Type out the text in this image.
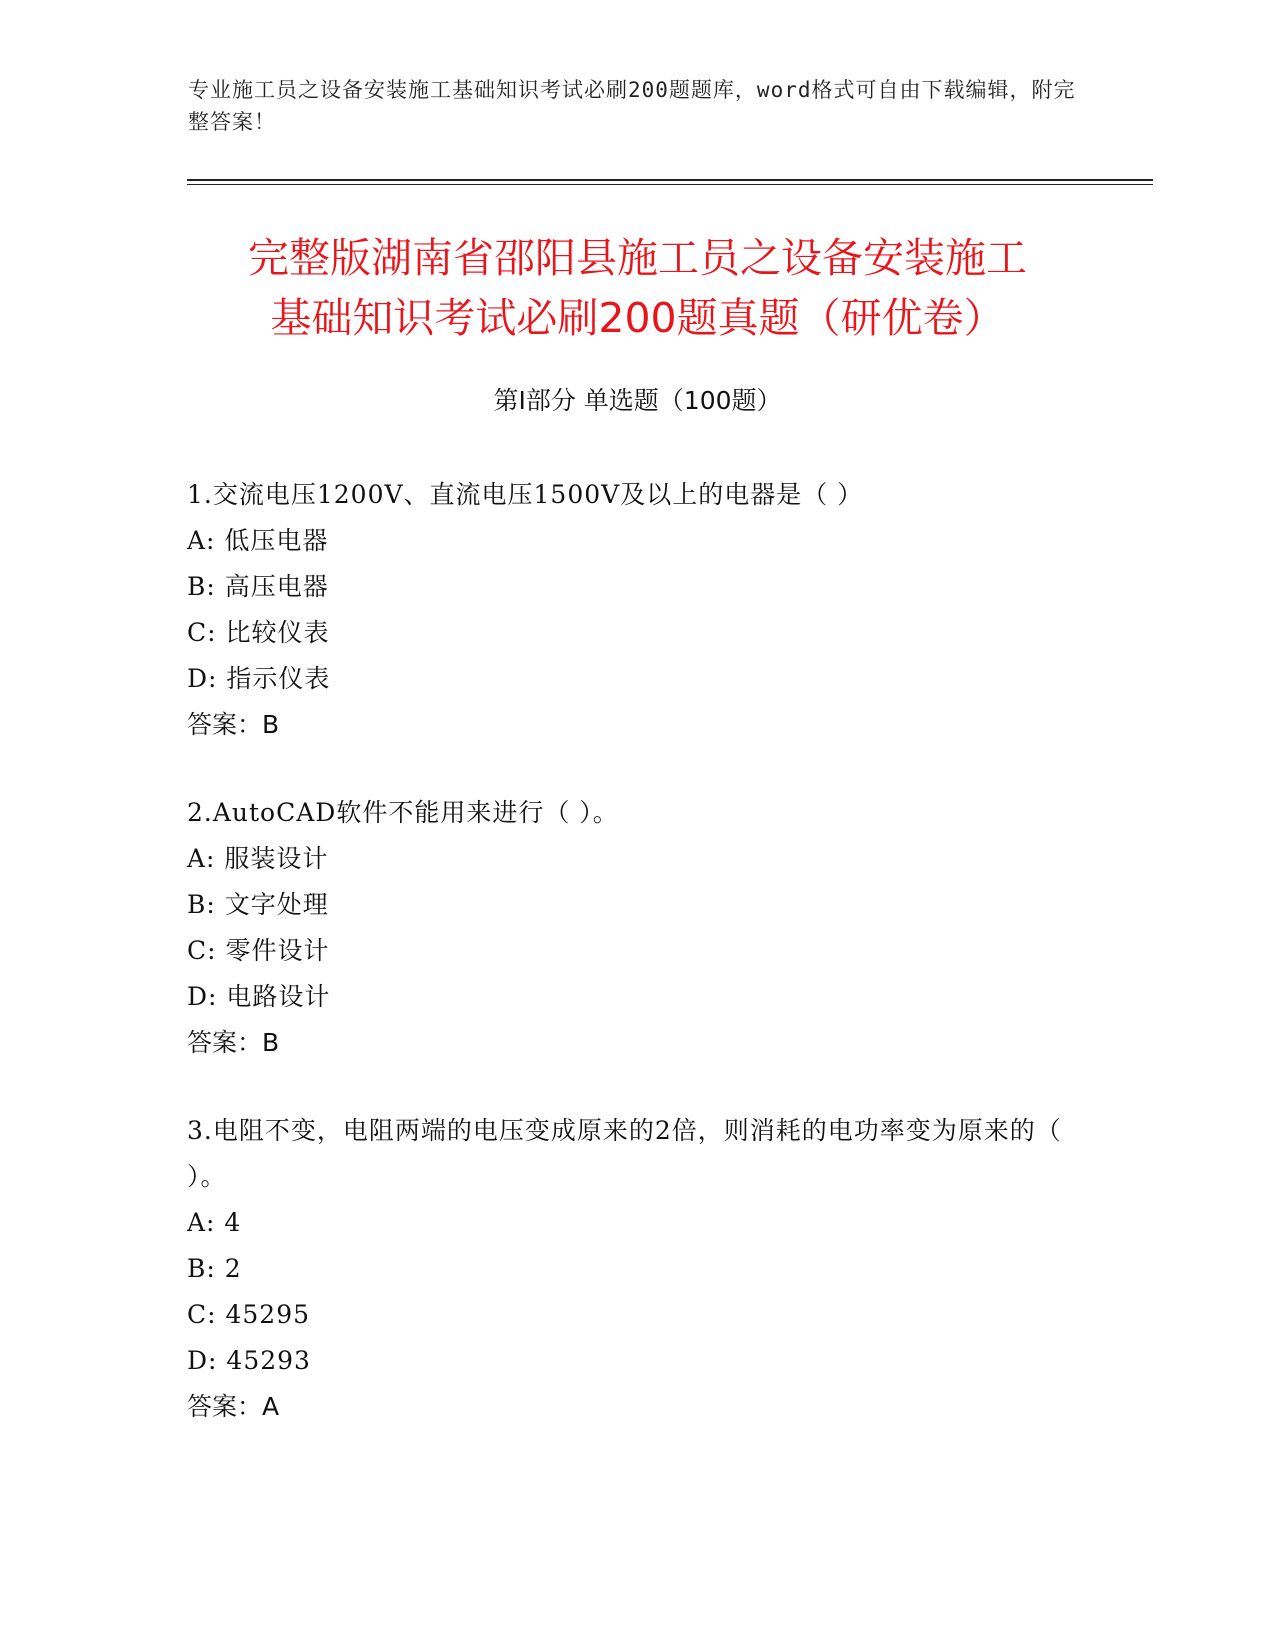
专业施工员之设备安装施工基础知识考试必刷200题题库，word格式可自由下载编辑，附完整答案！
完整版湖南省邵阳县施工员之设备安装施工
基础知识考试必刷200题真题（研优卷）
第Ⅰ部分 单选题（100题）
1.交流电压1200V、直流电压1500V及以上的电器是（ ）
A: 低压电器
B: 高压电器
C: 比较仪表
D: 指示仪表
答案：B
2.AutoCAD软件不能用来进行（ ）。
A: 服装设计
B: 文字处理
C: 零件设计
D: 电路设计
答案：B
3.电阻不变，电阻两端的电压变成原来的2倍，则消耗的电功率变为原来的（ ）。
A: 4
B: 2
C: 45295
D: 45293
答案：A
